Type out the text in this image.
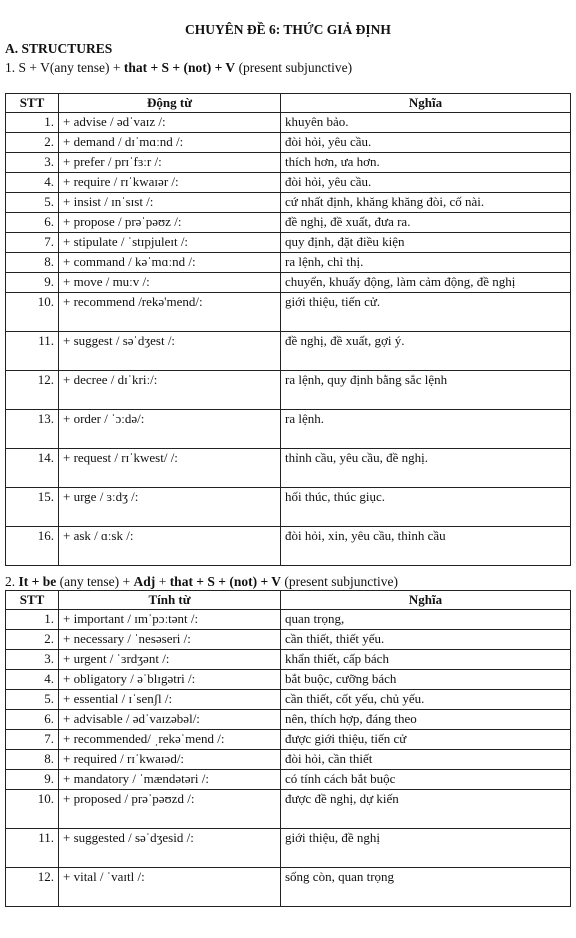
CHUYÊN ĐỀ 6: THỨC GIẢ ĐỊNH
A. STRUCTURES
1. S + V(any tense) + that + S + (not) + V (present subjunctive)
STT	Động từ	Nghĩa
1.	+ advise / ədˈvaɪz /:	khuyên bảo.
2.	+ demand / dɪˈmɑːnd /:	đòi hỏi, yêu cầu.
3.	+ prefer / prɪˈfɜːr /:	thích hơn, ưa hơn.
4.	+ require / rɪˈkwaɪər /:	đòi hỏi, yêu cầu.
5.	+ insist / ɪnˈsɪst /:	cứ nhất định, khăng khăng đòi, cố nài.
6.	+ propose / prəˈpəʊz /:	đề nghị, đề xuất, đưa ra.
7.	+ stipulate / ˈstɪpjuleɪt /:	quy định, đặt điều kiện
8.	+ command / kəˈmɑːnd /:	ra lệnh, chỉ thị.
9.	+ move / muːv /:	chuyển, khuấy động, làm cảm động, đề nghị
10.	+ recommend /rekə'mend/:	giới thiệu, tiến cử.
11.	+ suggest / səˈdʒest /:	đề nghị, đề xuất, gợi ý.
12.	+ decree / dɪˈkriː/:	ra lệnh, quy định bằng sắc lệnh
13.	+ order / ˈɔːdə/:	ra lệnh.
14.	+ request / rɪˈkwest/ /:	thỉnh cầu, yêu cầu, đề nghị.
15.	+ urge / ɜːdʒ /:	hối thúc, thúc giục.
16.	+ ask / ɑːsk /:	đòi hỏi, xin, yêu cầu, thỉnh cầu
2. It + be (any tense) + Adj + that + S + (not) + V (present subjunctive)
STT	Tính từ	Nghĩa
1.	+ important / ɪmˈpɔːtənt /:	quan trọng,
2.	+ necessary / ˈnesəseri /:	cần thiết, thiết yếu.
3.	+ urgent / ˈɜrdʒənt /:	khẩn thiết, cấp bách
4.	+ obligatory / əˈblɪgətri /:	bắt buộc, cưỡng bách
5.	+ essential / ɪˈsenʃl /:	cần thiết, cốt yếu, chủ yếu.
6.	+ advisable / ədˈvaɪzəbəl/:	nên, thích hợp, đáng theo
7.	+ recommended/ ˌrekəˈmend /:	được giới thiệu, tiến cử
8.	+ required / rɪˈkwaɪəd/:	đòi hỏi, cần thiết
9.	+ mandatory / ˈmændətəri /:	có tính cách bắt buộc
10.	+ proposed / prəˈpəʊzd /:	được đề nghị, dự kiến
11.	+ suggested / səˈdʒesid /:	giới thiệu, đề nghị
12.	+ vital / ˈvaɪtl /:	sống còn, quan trọng
